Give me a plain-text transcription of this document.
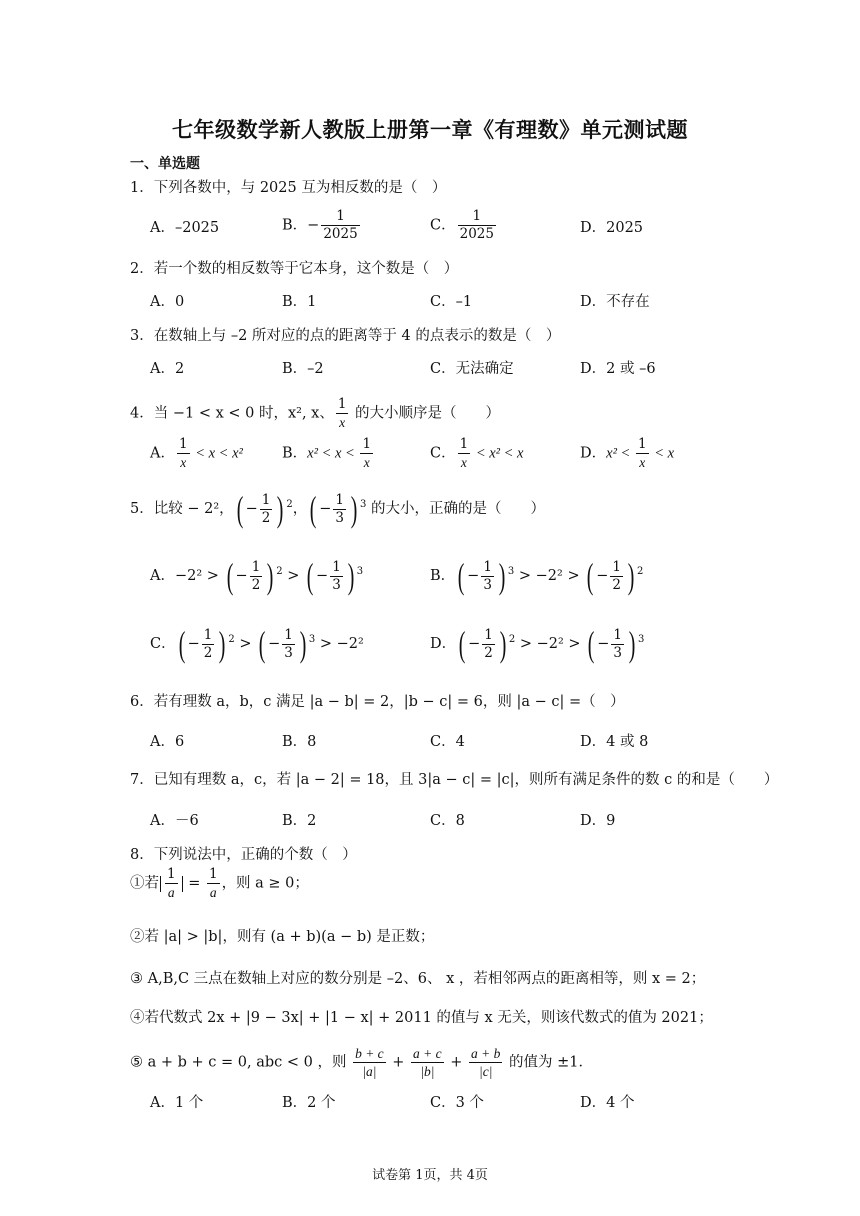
七年级数学新人教版上册第一章《有理数》单元测试题
一、单选题
1．下列各数中，与 2025 互为相反数的是（　）
A．–2025	B．− $\frac{1}{2025}$	C． $\frac{1}{2025}$	D．2025
2．若一个数的相反数等于它本身，这个数是（　）
A．0	B．1	C．–1	D．不存在
3．在数轴上与 –2 所对应的点的距离等于 4 的点表示的数是（　）
A．2	B．–2	C．无法确定	D．2 或 –6
4．当 −1 < x < 0 时，x², x、 $\frac{1}{x}$ 的大小顺序是（　　）
A． $\frac{1}{x} < x < x^2$	B．$x^2 < x < \frac{1}{x}$	C． $\frac{1}{x} < x^2 < x$	D．$x^2 < \frac{1}{x} < x$
5．比较 − 2²，( − $\frac{1}{2}$ ) $^2$，( − $\frac{1}{3}$ ) $^3$ 的大小，正确的是（　　）
A．−2² > ( − $\frac{1}{2}$ ) $^2$ > ( − $\frac{1}{3}$ ) $^3$	B．( − $\frac{1}{3}$ ) $^3$ > −2² > ( − $\frac{1}{2}$ ) $^2$
C．( − $\frac{1}{2}$ ) $^2$ > ( − $\frac{1}{3}$ ) $^3$ > −2²	D．( − $\frac{1}{2}$ ) $^2$ > −2² > ( − $\frac{1}{3}$ ) $^3$
6．若有理数 a，b，c 满足 |a − b| = 2，|b − c| = 6，则 |a − c| =（　）
A．6	B．8	C．4	D．4 或 8
7．已知有理数 a，c，若 |a − 2| = 18，且 3|a − c| = |c|，则所有满足条件的数 c 的和是（　　）
A．－6	B．2	C．8	D．9
8．下列说法中，正确的个数（　）
①若 $\frac{1}{a} = \frac{1}{a}$ ，则 a ≥ 0；
②若 |a| > |b|，则有 (a + b)(a − b) 是正数；
③ A,B,C 三点在数轴上对应的数分别是 –2、6、 x ，若相邻两点的距离相等，则 x = 2；
④若代数式 2x + |9 − 3x| + |1 − x| + 2011 的值与 x 无关，则该代数式的值为 2021；
⑤ a + b + c = 0, abc < 0 ，则 $\frac{b + c}{|a|} + \frac{a + c}{|b|} + \frac{a + b}{|c|}$ 的值为 ±1．
A．1 个	B．2 个	C．3 个	D．4 个
试卷第 1页，共 4页
